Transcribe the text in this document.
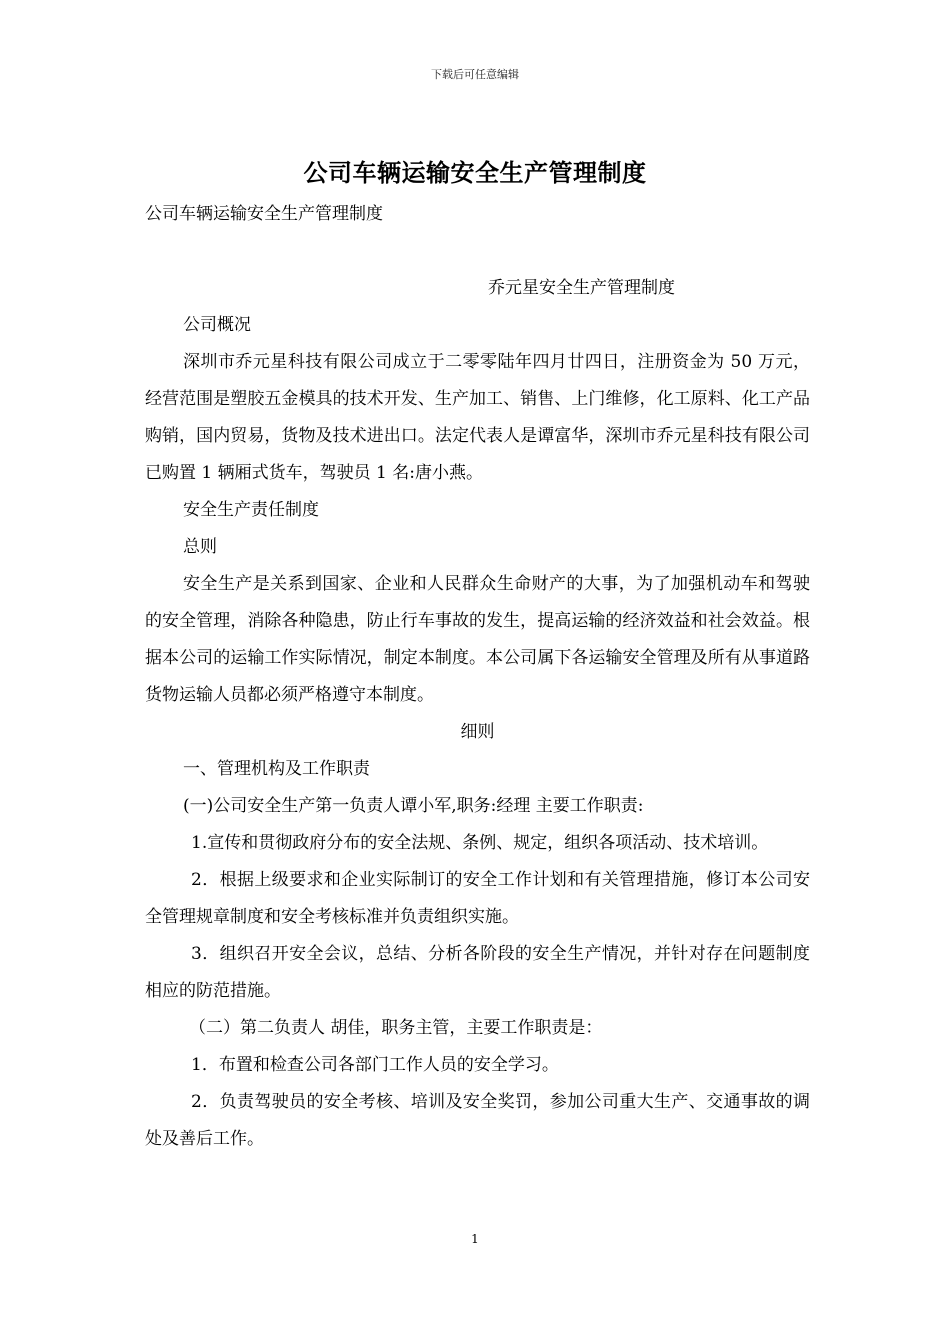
下载后可任意编辑
公司车辆运输安全生产管理制度

公司车辆运输安全生产管理制度

乔元星安全生产管理制度

公司概况

深圳市乔元星科技有限公司成立于二零零陆年四月廿四日，注册资金为 50 万元，经营范围是塑胶五金模具的技术开发、生产加工、销售、上门维修，化工原料、化工产品购销，国内贸易，货物及技术进出口。法定代表人是谭富华，深圳市乔元星科技有限公司已购置 1 辆厢式货车，驾驶员 1 名:唐小燕。

安全生产责任制度

总则

安全生产是关系到国家、企业和人民群众生命财产的大事，为了加强机动车和驾驶的安全管理，消除各种隐患，防止行车事故的发生，提高运输的经济效益和社会效益。根据本公司的运输工作实际情况，制定本制度。本公司属下各运输安全管理及所有从事道路货物运输人员都必须严格遵守本制度。

细则

一、管理机构及工作职责

(一)公司安全生产第一负责人谭小军,职务:经理 主要工作职责:

1.宣传和贯彻政府分布的安全法规、条例、规定，组织各项活动、技术培训。

2．根据上级要求和企业实际制订的安全工作计划和有关管理措施，修订本公司安全管理规章制度和安全考核标准并负责组织实施。

3．组织召开安全会议，总结、分析各阶段的安全生产情况，并针对存在问题制度相应的防范措施。

（二）第二负责人 胡佳，职务主管，主要工作职责是：

1．布置和检查公司各部门工作人员的安全学习。

2．负责驾驶员的安全考核、培训及安全奖罚，参加公司重大生产、交通事故的调处及善后工作。

1
